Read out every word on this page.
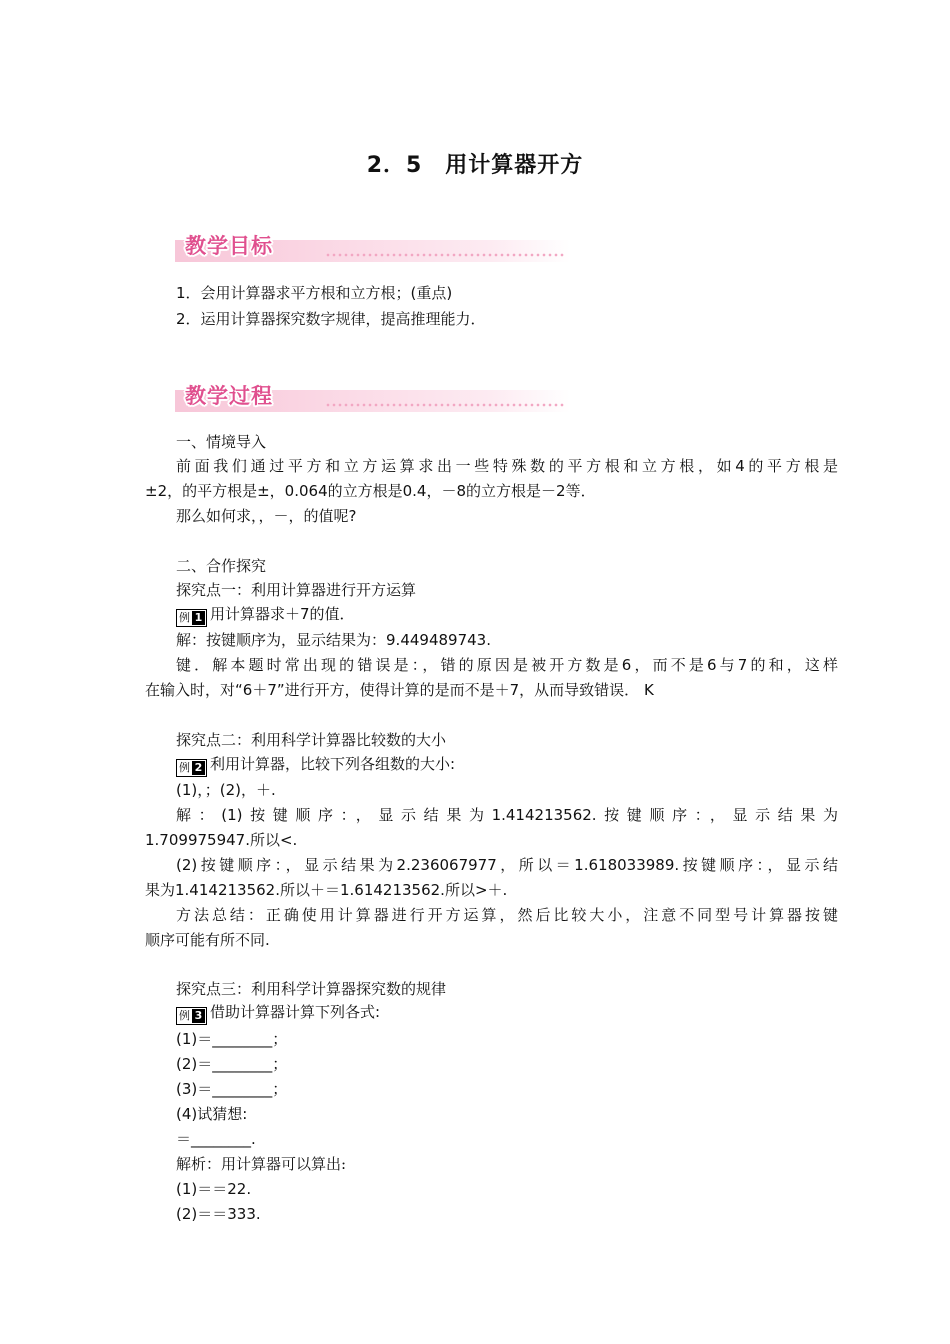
2．5　用计算器开方
教学目标
教学过程
1．会用计算器求平方根和立方根；(重点)
2．运用计算器探究数字规律，提高推理能力．
一、情境导入
前面我们通过平方和立方运算求出一些特殊数的平方根和立方根，如4的平方根是
±2，的平方根是±，0.064的立方根是0.4，－8的立方根是－2等．
那么如何求，，－，的值呢?
二、合作探究
探究点一：利用计算器进行开方运算
例 1 用计算器求＋7的值．
解：按键顺序为，显示结果为：9.449489743.
键．解本题时常出现的错误是：，错的原因是被开方数是6，而不是6与7的和，这样
在输入时，对“6＋7”进行开方，使得计算的是而不是＋7，从而导致错误． K
探究点二：利用科学计算器比较数的大小
例 2 利用计算器，比较下列各组数的大小:
(1)，；(2)，＋.
解：(1)按键顺序：，显示结果为1.414213562.按键顺序：，显示结果为
1.709975947.所以<.
(2)按键顺序：，显示结果为2.236067977，所以＝1.618033989.按键顺序：，显示结
果为1.414213562.所以＋＝1.614213562.所以>＋.
方法总结：正确使用计算器进行开方运算，然后比较大小，注意不同型号计算器按键
顺序可能有所不同.
探究点三：利用科学计算器探究数的规律
例 3 借助计算器计算下列各式:
(1)＝________；
(2)＝________；
(3)＝________；
(4)试猜想:
＝________.
解析：用计算器可以算出:
(1)＝＝22.
(2)＝＝333.
